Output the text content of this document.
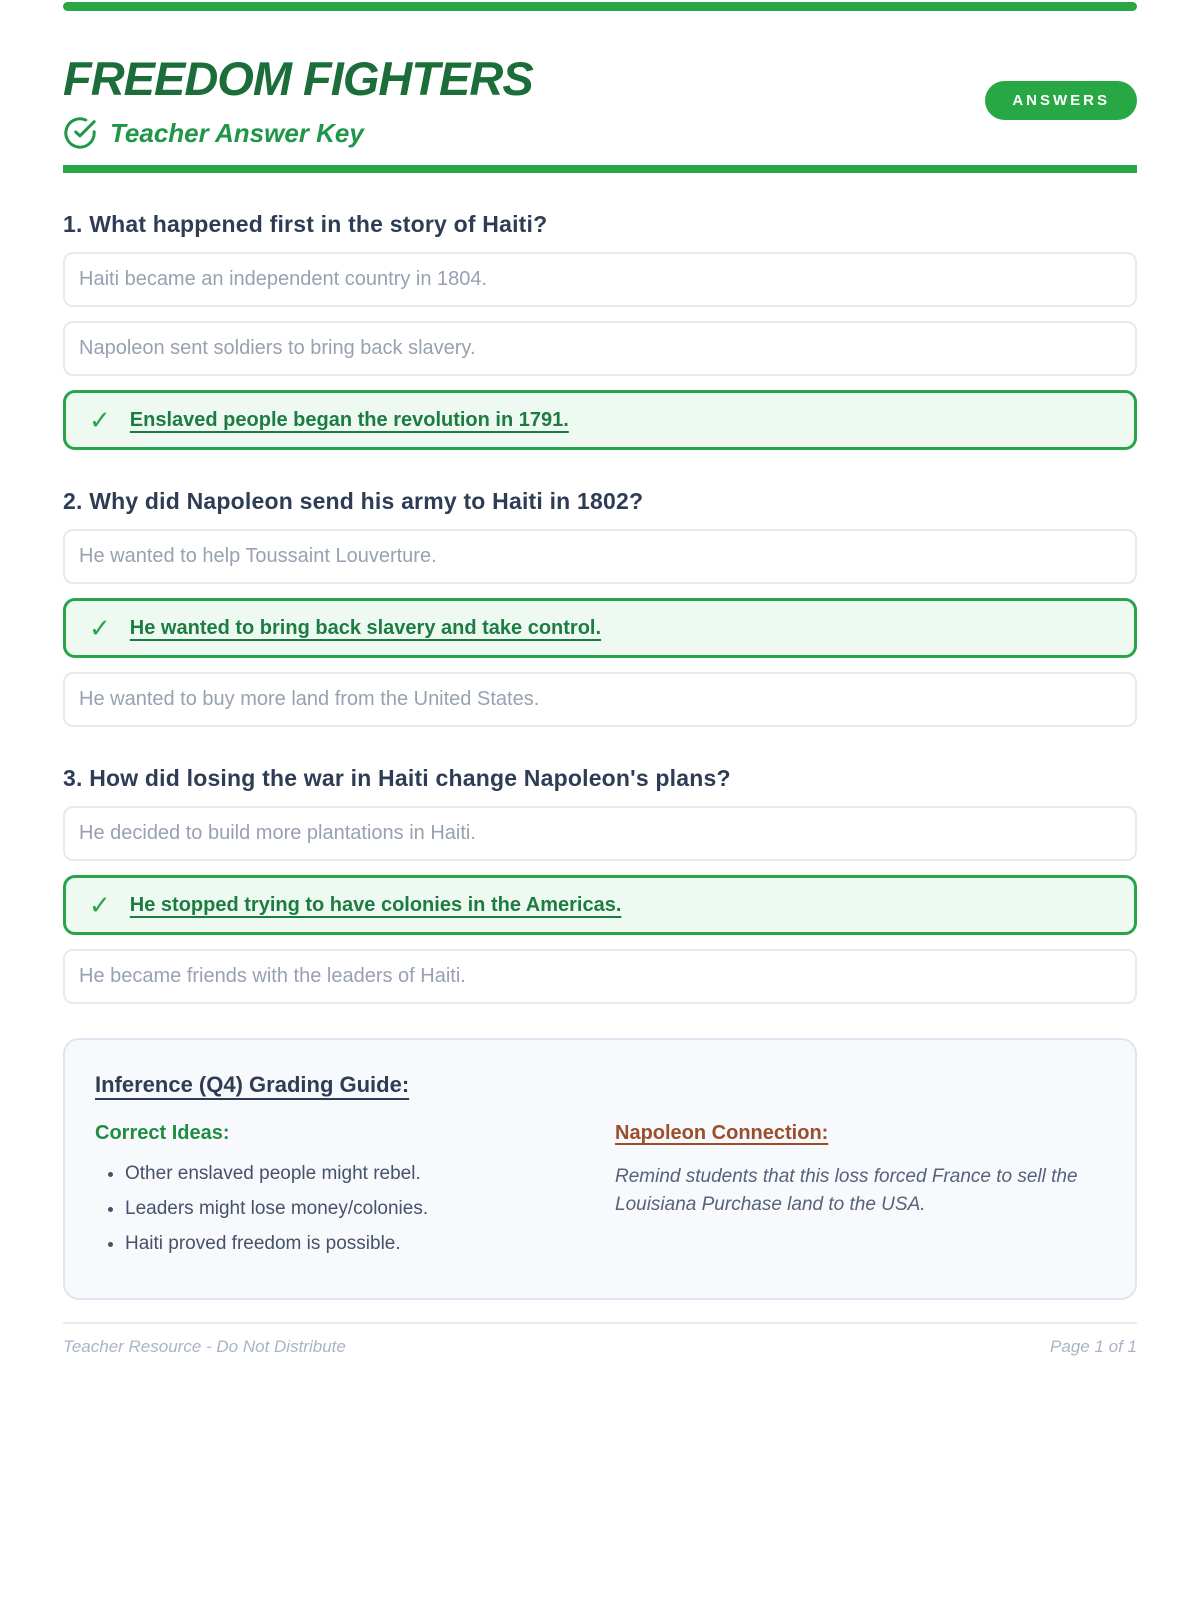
FREEDOM FIGHTERS	ANSWERS
Teacher Answer Key
1. What happened first in the story of Haiti?
Haiti became an independent country in 1804.
Napoleon sent soldiers to bring back slavery.
✓ Enslaved people began the revolution in 1791.
2. Why did Napoleon send his army to Haiti in 1802?
He wanted to help Toussaint Louverture.
✓ He wanted to bring back slavery and take control.
He wanted to buy more land from the United States.
3. How did losing the war in Haiti change Napoleon's plans?
He decided to build more plantations in Haiti.
✓ He stopped trying to have colonies in the Americas.
He became friends with the leaders of Haiti.
Inference (Q4) Grading Guide:
Correct Ideas:
• Other enslaved people might rebel.
• Leaders might lose money/colonies.
• Haiti proved freedom is possible.
Napoleon Connection:
Remind students that this loss forced France to sell the Louisiana Purchase land to the USA.
Teacher Resource - Do Not Distribute	Page 1 of 1
